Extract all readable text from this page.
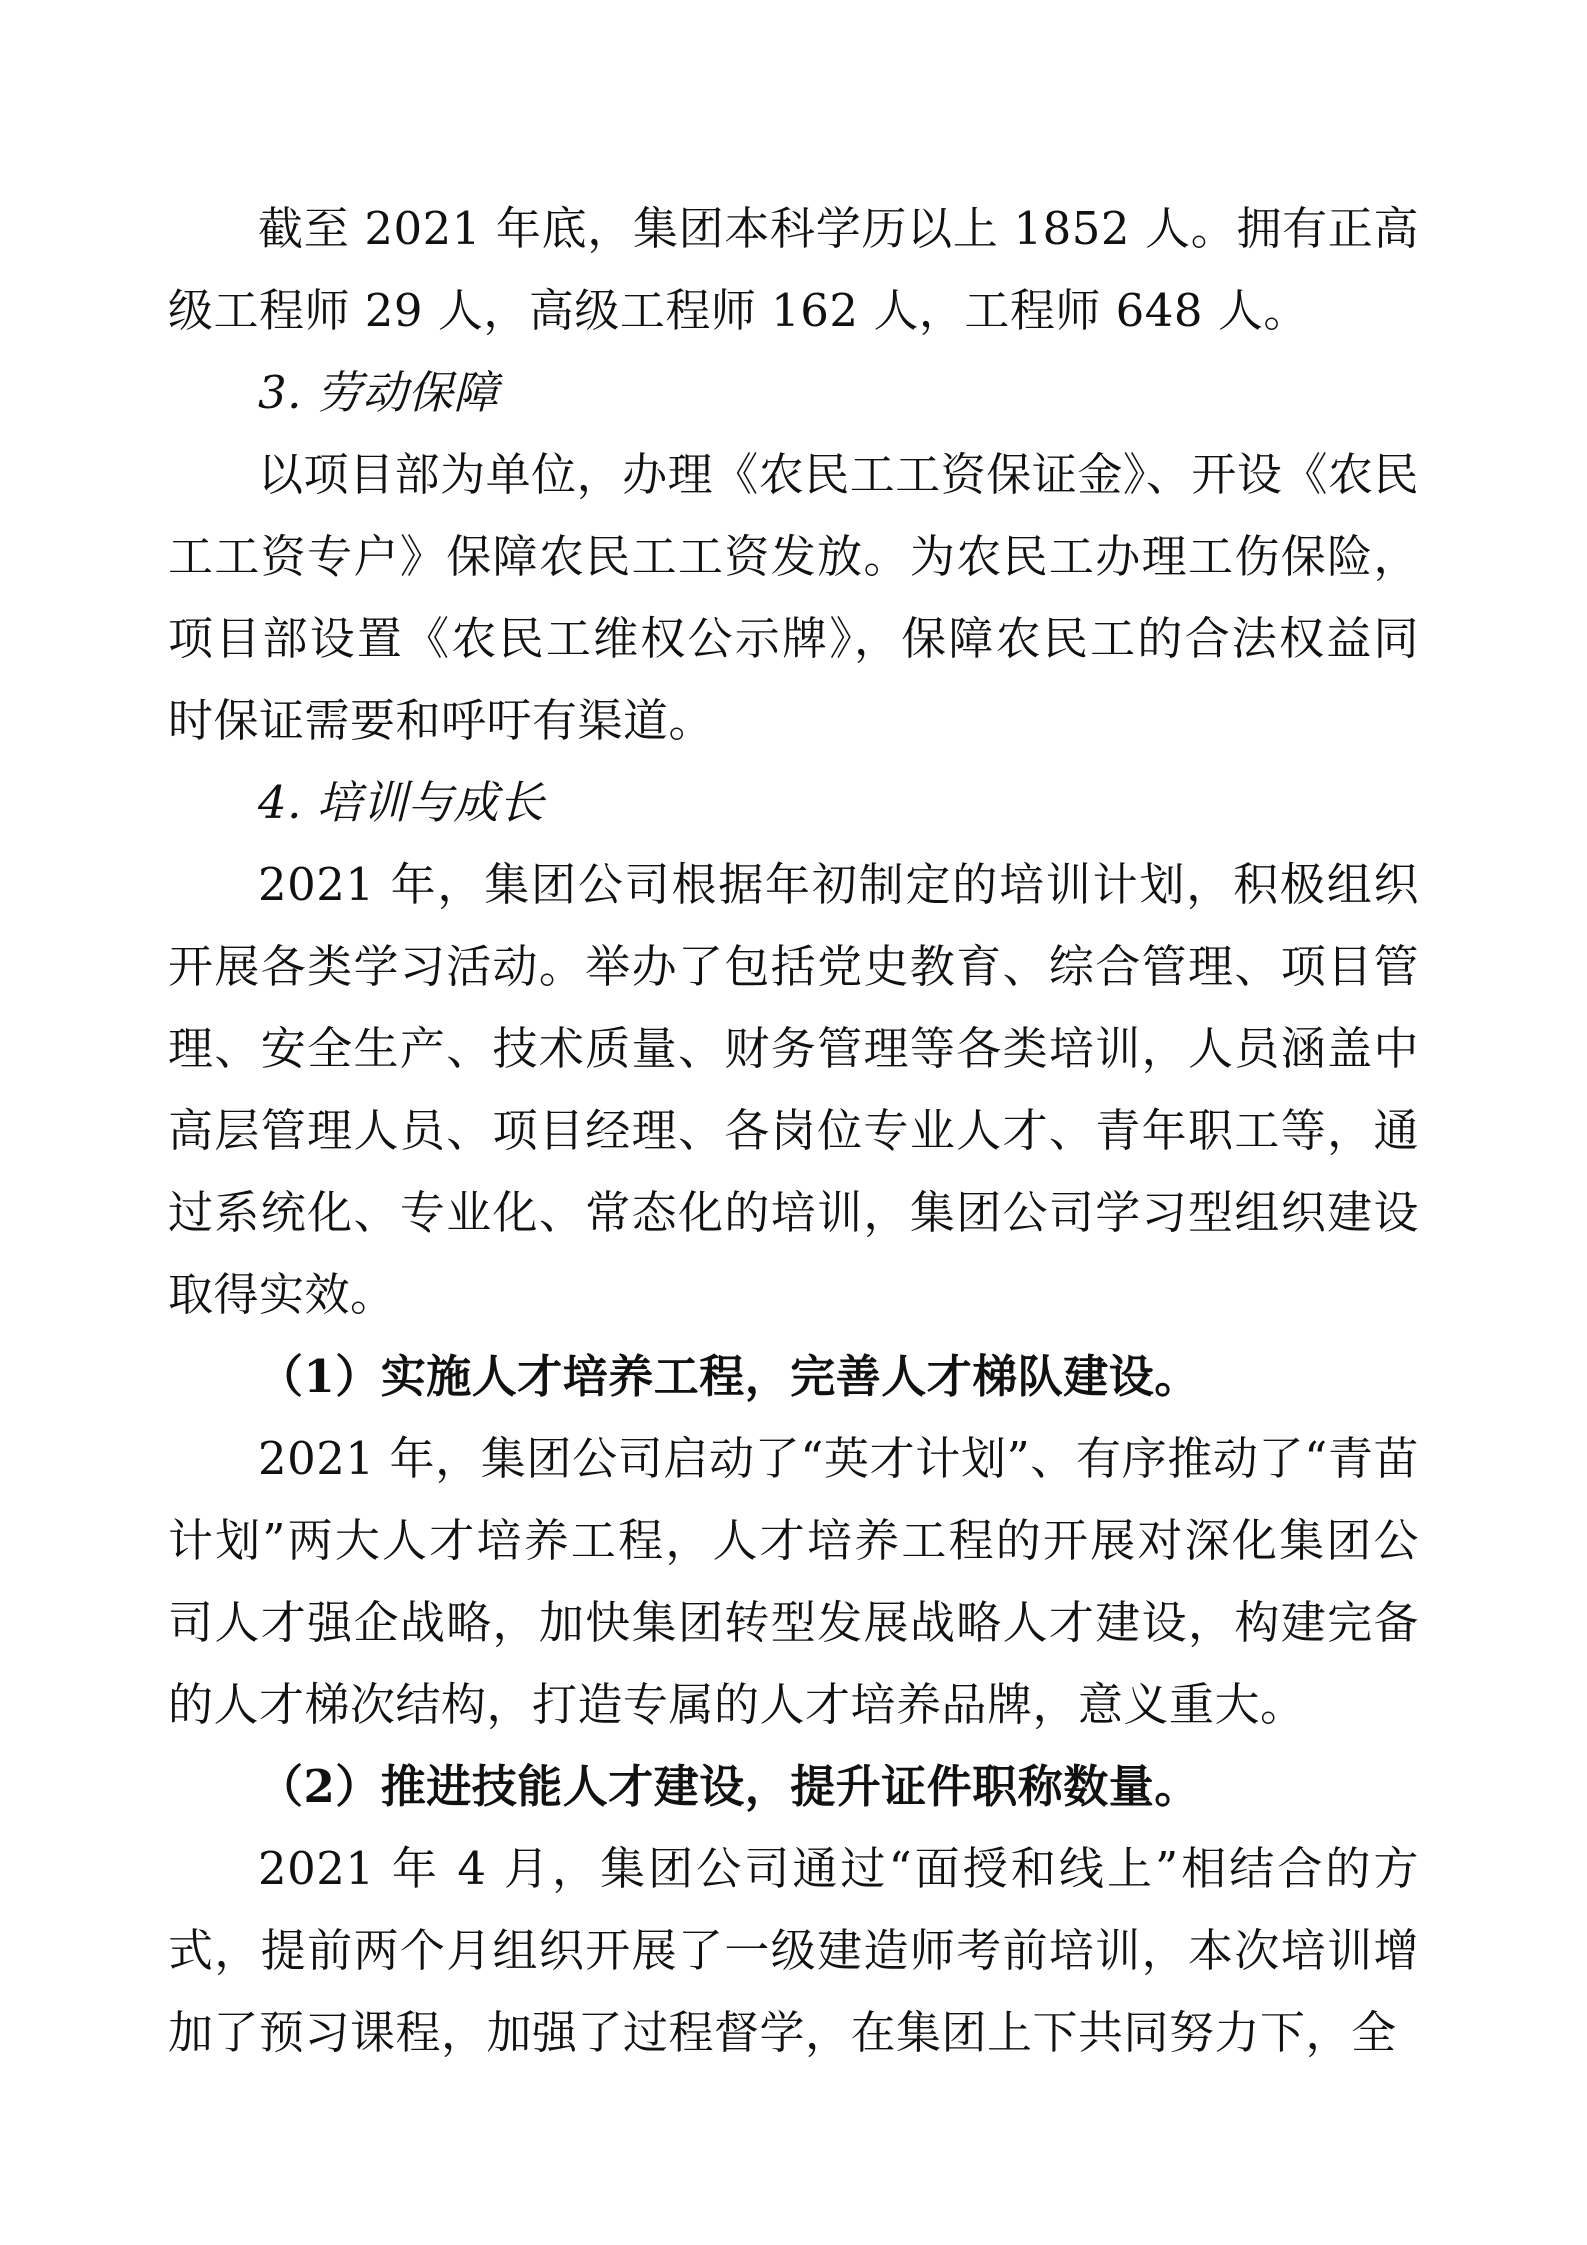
截至 2021 年底，集团本科学历以上 1852 人。拥有正高级工程师 29 人，高级工程师 162 人，工程师 648 人。

3. 劳动保障

以项目部为单位，办理《农民工工资保证金》、开设《农民工工资专户》保障农民工工资发放。为农民工办理工伤保险，项目部设置《农民工维权公示牌》，保障农民工的合法权益同时保证需要和呼吁有渠道。

4. 培训与成长

2021 年，集团公司根据年初制定的培训计划，积极组织开展各类学习活动。举办了包括党史教育、综合管理、项目管理、安全生产、技术质量、财务管理等各类培训，人员涵盖中高层管理人员、项目经理、各岗位专业人才、青年职工等，通过系统化、专业化、常态化的培训，集团公司学习型组织建设取得实效。

（1）实施人才培养工程，完善人才梯队建设。

2021 年，集团公司启动了“英才计划”、有序推动了“青苗计划”两大人才培养工程，人才培养工程的开展对深化集团公司人才强企战略，加快集团转型发展战略人才建设，构建完备的人才梯次结构，打造专属的人才培养品牌，意义重大。

（2）推进技能人才建设，提升证件职称数量。

2021 年 4 月，集团公司通过“面授和线上”相结合的方式，提前两个月组织开展了一级建造师考前培训，本次培训增加了预习课程，加强了过程督学，在集团上下共同努力下，全
